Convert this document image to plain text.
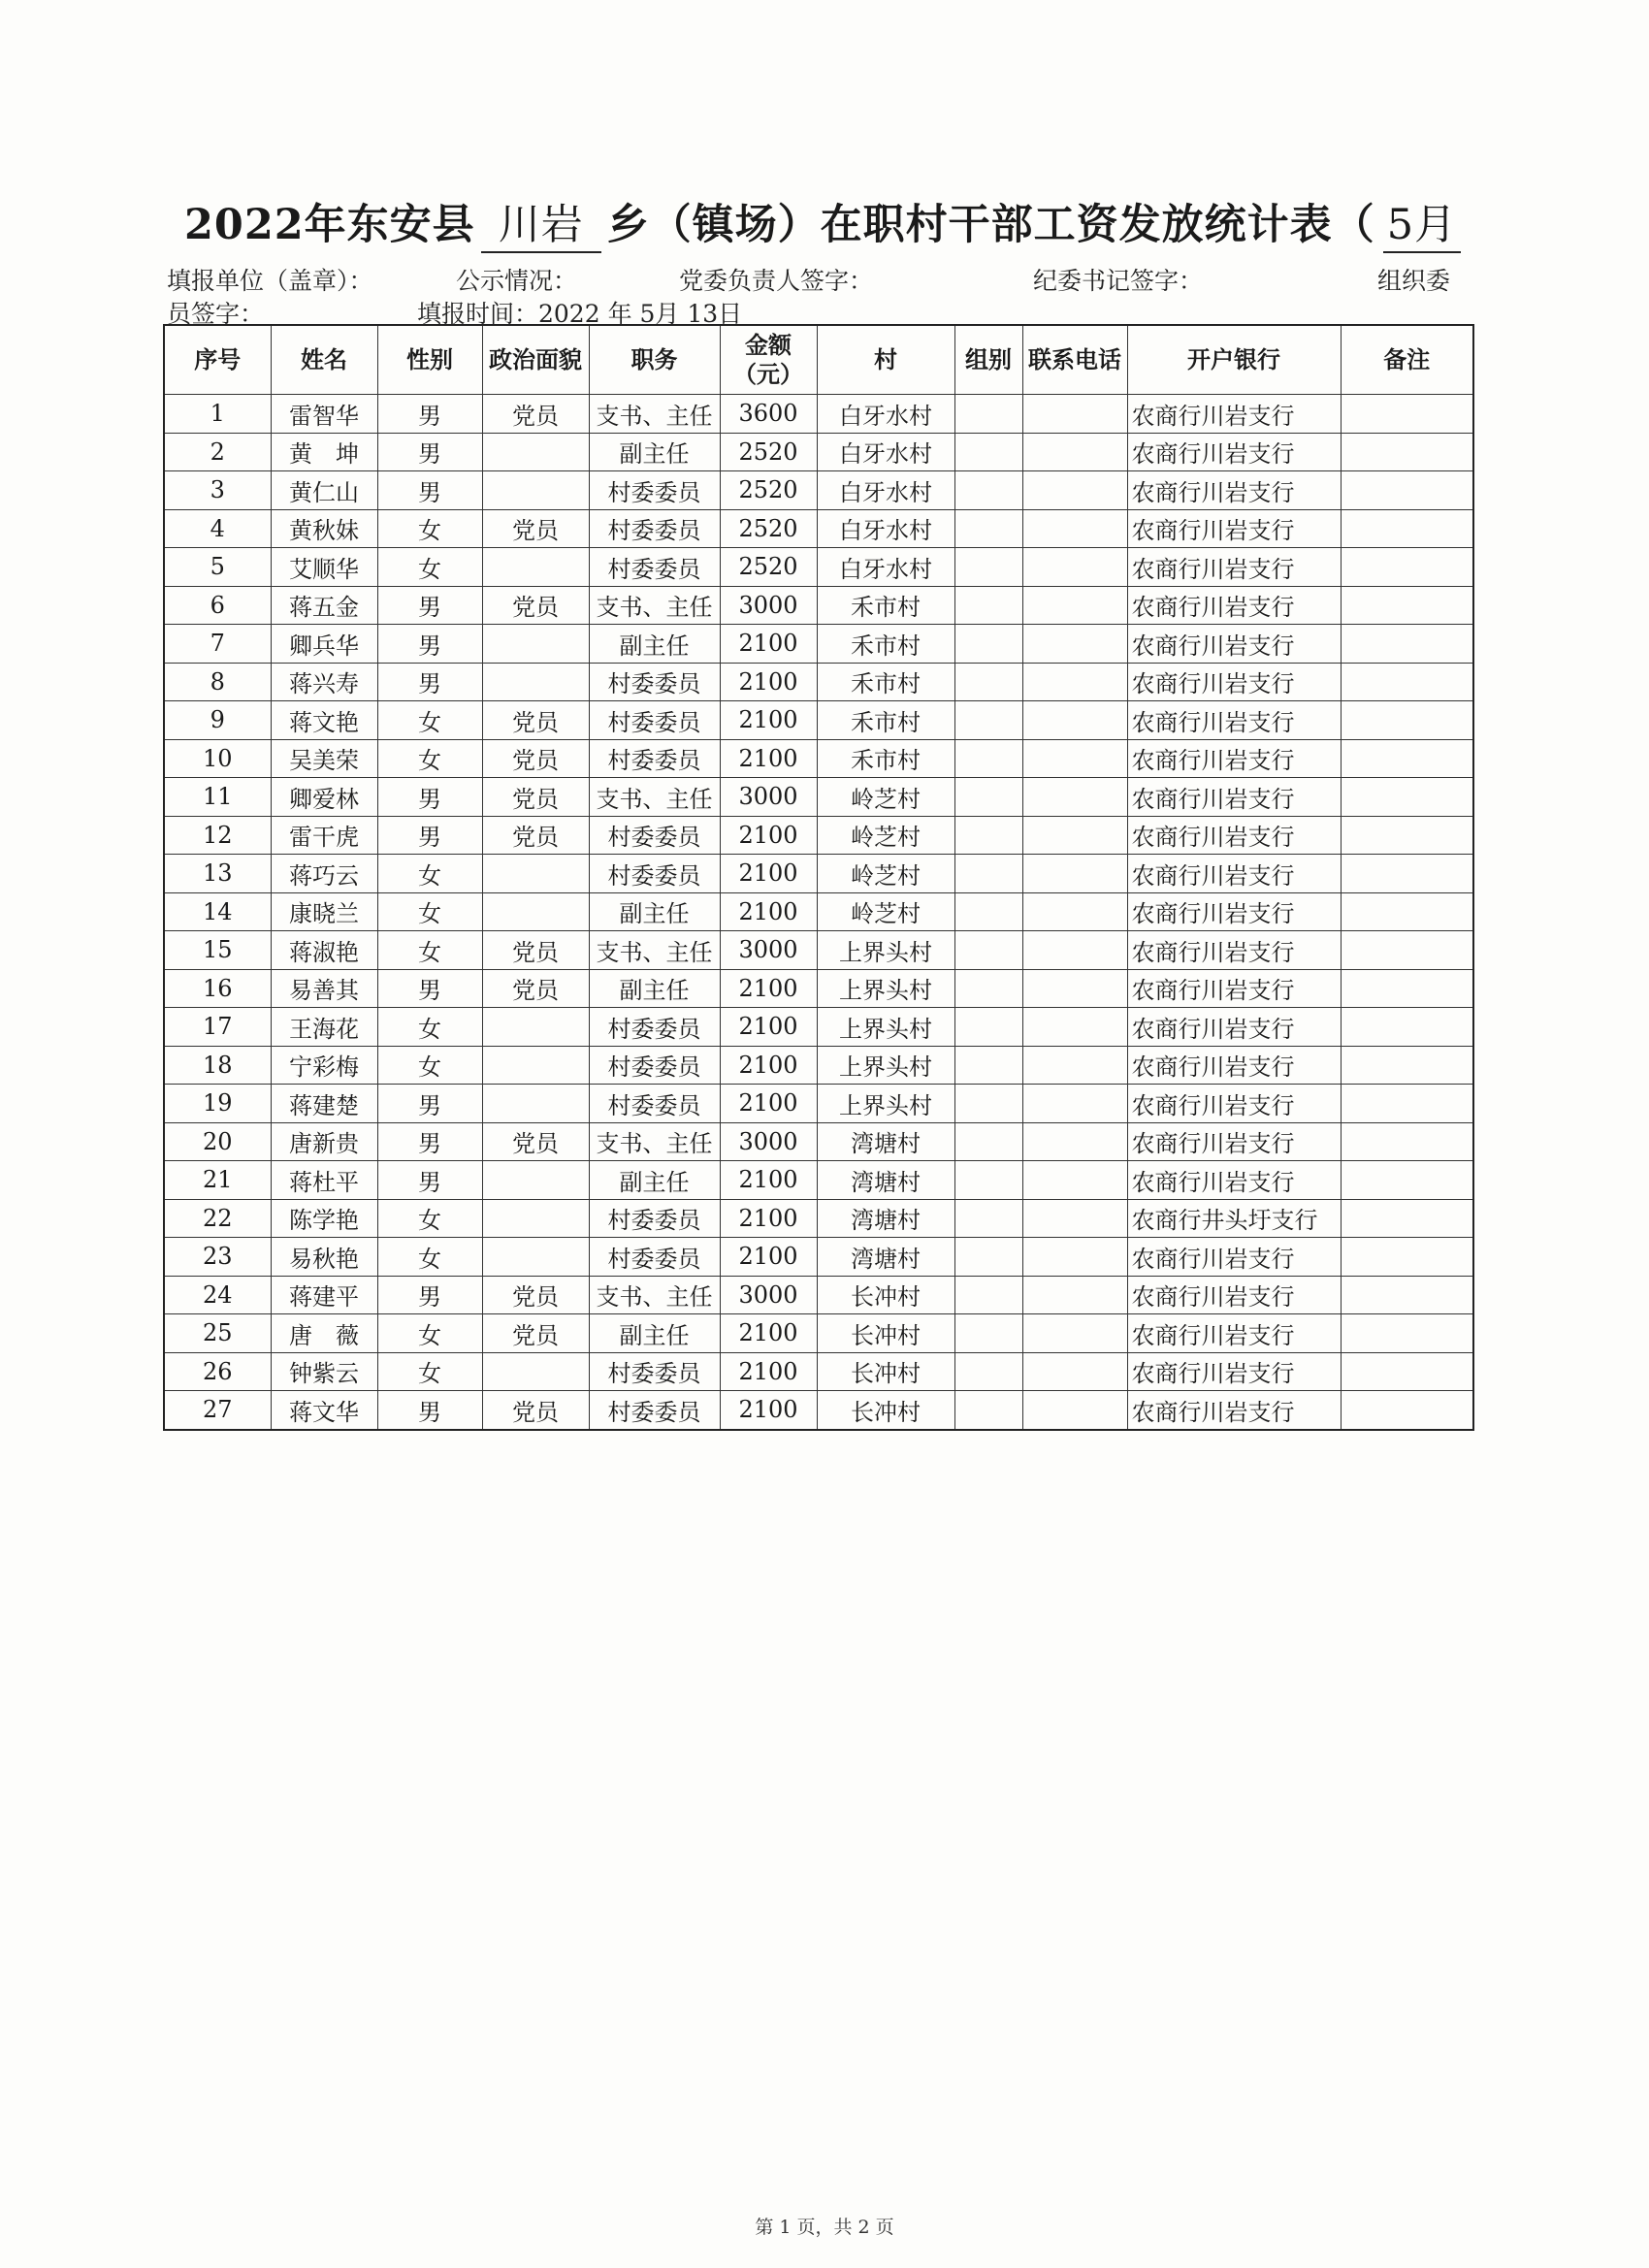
2022年东安县 川岩 乡（镇场）在职村干部工资发放统计表（ 5月
填报单位（盖章）：	公示情况：	党委负责人签字：	纪委书记签字：	组织委
员签字：	填报时间：2022 年 5月 13日
序号	姓名	性别	政治面貌	职务	金额
（元）	村	组别	联系电话	开户银行	备注
1	雷智华	男	党员	支书、主任	3600	白牙水村			农商行川岩支行	
2	黄　坤	男		副主任	2520	白牙水村			农商行川岩支行	
3	黄仁山	男		村委委员	2520	白牙水村			农商行川岩支行	
4	黄秋妹	女	党员	村委委员	2520	白牙水村			农商行川岩支行	
5	艾顺华	女		村委委员	2520	白牙水村			农商行川岩支行	
6	蒋五金	男	党员	支书、主任	3000	禾市村			农商行川岩支行	
7	卿兵华	男		副主任	2100	禾市村			农商行川岩支行	
8	蒋兴寿	男		村委委员	2100	禾市村			农商行川岩支行	
9	蒋文艳	女	党员	村委委员	2100	禾市村			农商行川岩支行	
10	吴美荣	女	党员	村委委员	2100	禾市村			农商行川岩支行	
11	卿爱林	男	党员	支书、主任	3000	岭芝村			农商行川岩支行	
12	雷干虎	男	党员	村委委员	2100	岭芝村			农商行川岩支行	
13	蒋巧云	女		村委委员	2100	岭芝村			农商行川岩支行	
14	康晓兰	女		副主任	2100	岭芝村			农商行川岩支行	
15	蒋淑艳	女	党员	支书、主任	3000	上界头村			农商行川岩支行	
16	易善其	男	党员	副主任	2100	上界头村			农商行川岩支行	
17	王海花	女		村委委员	2100	上界头村			农商行川岩支行	
18	宁彩梅	女		村委委员	2100	上界头村			农商行川岩支行	
19	蒋建楚	男		村委委员	2100	上界头村			农商行川岩支行	
20	唐新贵	男	党员	支书、主任	3000	湾塘村			农商行川岩支行	
21	蒋杜平	男		副主任	2100	湾塘村			农商行川岩支行	
22	陈学艳	女		村委委员	2100	湾塘村			农商行井头圩支行	
23	易秋艳	女		村委委员	2100	湾塘村			农商行川岩支行	
24	蒋建平	男	党员	支书、主任	3000	长冲村			农商行川岩支行	
25	唐　薇	女	党员	副主任	2100	长冲村			农商行川岩支行	
26	钟紫云	女		村委委员	2100	长冲村			农商行川岩支行	
27	蒋文华	男	党员	村委委员	2100	长冲村			农商行川岩支行	
第 1 页，共 2 页
